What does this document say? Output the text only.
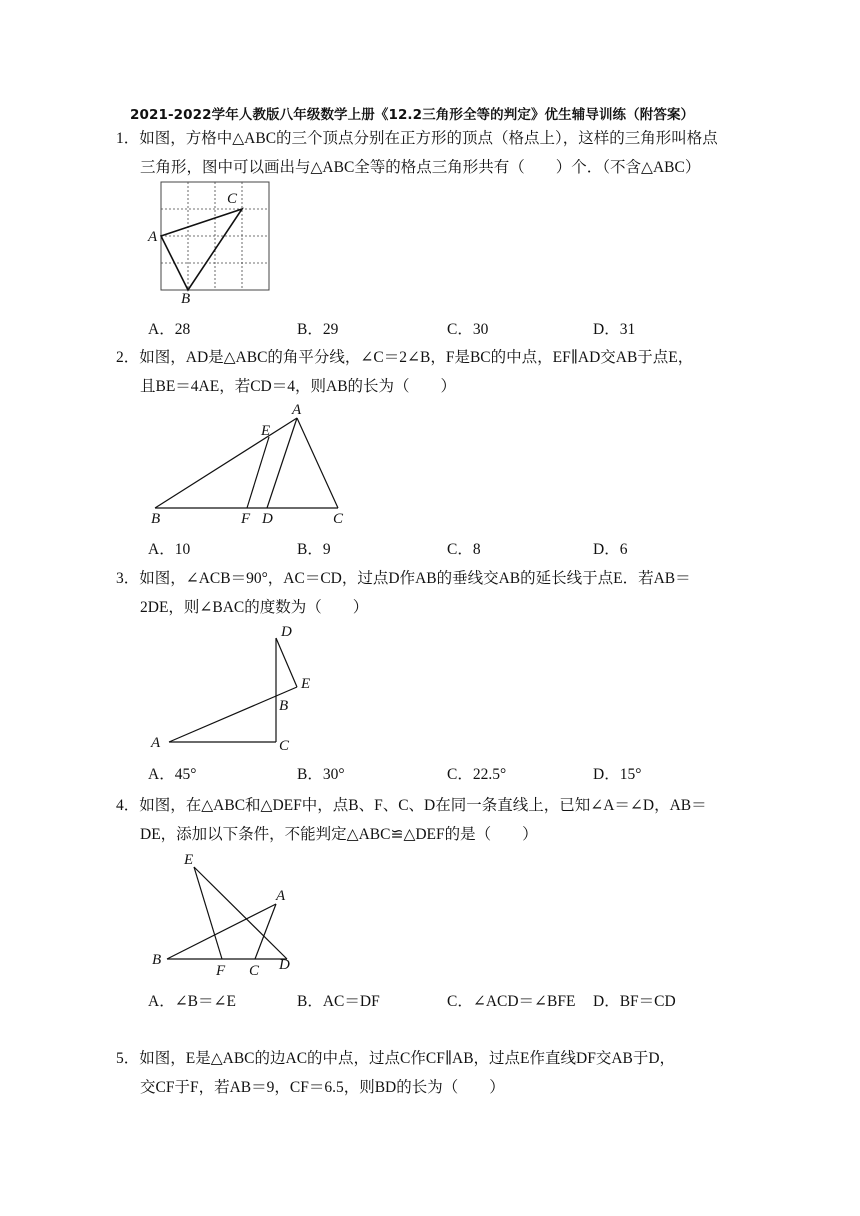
2021-2022学年人教版八年级数学上册《12.2三角形全等的判定》优生辅导训练（附答案）
1．如图，方格中△ABC的三个顶点分别在正方形的顶点（格点上），这样的三角形叫格点
三角形，图中可以画出与△ABC全等的格点三角形共有（　　）个．（不含△ABC）
A
B
C
A．28	B．29	C．30	D．31
2．如图，AD是△ABC的角平分线，∠C＝2∠B，F是BC的中点，EF∥AD交AB于点E，
且BE＝4AE，若CD＝4，则AB的长为（　　）
A
E
B	F D	C
A．10	B．9	C．8	D．6
3．如图，∠ACB＝90°，AC＝CD，过点D作AB的垂线交AB的延长线于点E．若AB＝
2DE，则∠BAC的度数为（　　）
D
E
B
A	C
A．45°	B．30°	C．22.5°	D．15°
4．如图，在△ABC和△DEF中，点B、F、C、D在同一条直线上，已知∠A＝∠D，AB＝
DE，添加以下条件，不能判定△ABC≌△DEF的是（　　）
E
A
B
F C D
A．∠B＝∠E	B．AC＝DF	C．∠ACD＝∠BFE D．BF＝CD
5．如图，E是△ABC的边AC的中点，过点C作CF∥AB，过点E作直线DF交AB于D，
交CF于F，若AB＝9，CF＝6.5，则BD的长为（　　）
